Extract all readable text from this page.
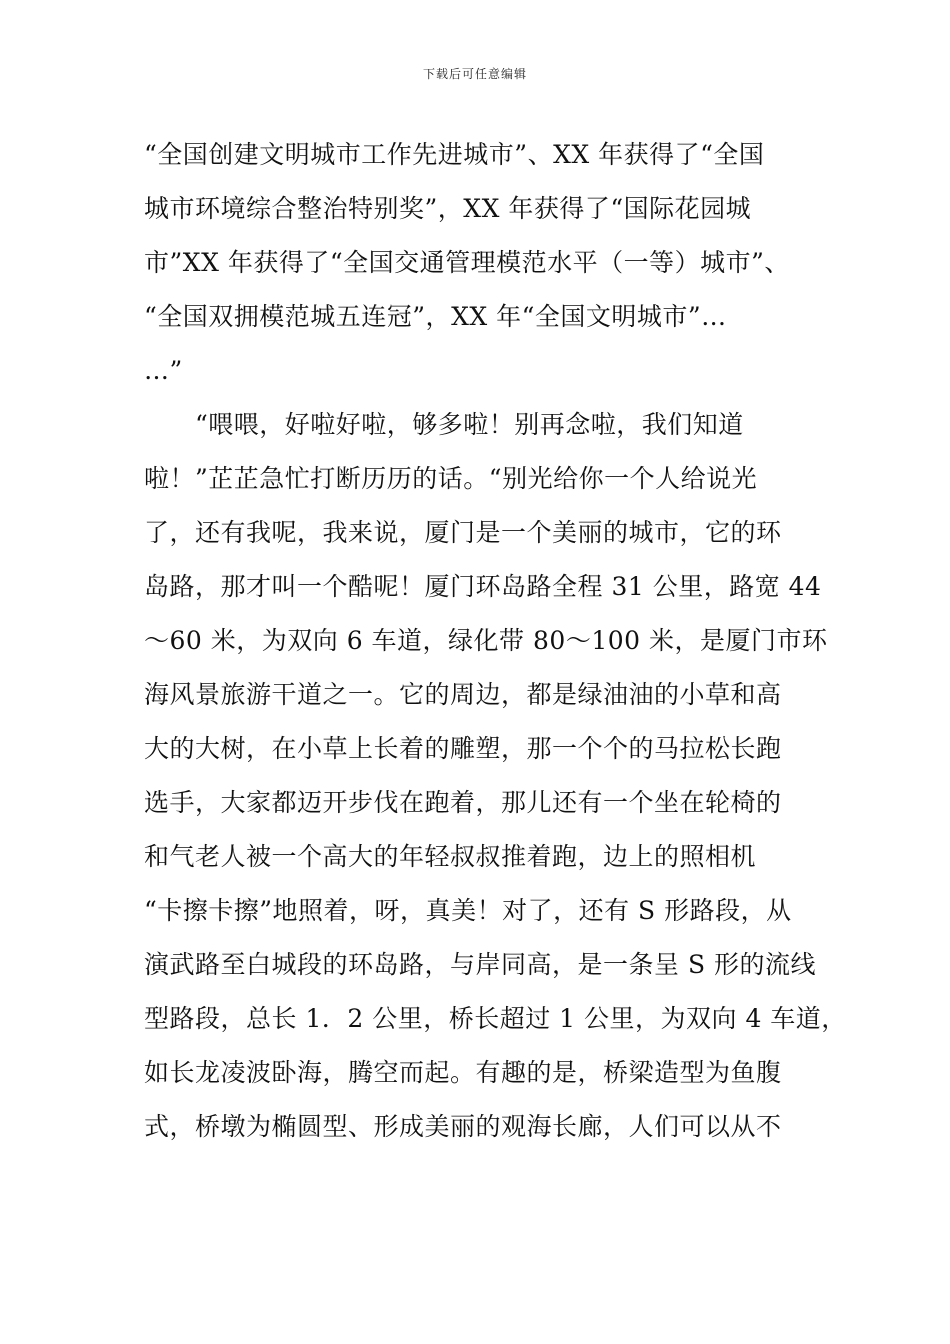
下载后可任意编辑
“全国创建文明城市工作先进城市”、XX 年获得了“全国
城市环境综合整治特别奖”，XX 年获得了“国际花园城
市”XX 年获得了“全国交通管理模范水平（一等）城市”、
“全国双拥模范城五连冠”，XX 年“全国文明城市”…
…”
　　“喂喂，好啦好啦，够多啦！别再念啦，我们知道
啦！”芷芷急忙打断历历的话。“别光给你一个人给说光
了，还有我呢，我来说，厦门是一个美丽的城市，它的环
岛路，那才叫一个酷呢！厦门环岛路全程 31 公里，路宽 44
～60 米，为双向 6 车道，绿化带 80～100 米，是厦门市环
海风景旅游干道之一。它的周边，都是绿油油的小草和高
大的大树，在小草上长着的雕塑，那一个个的马拉松长跑
选手，大家都迈开步伐在跑着，那儿还有一个坐在轮椅的
和气老人被一个高大的年轻叔叔推着跑，边上的照相机
“卡擦卡擦”地照着，呀，真美！对了，还有 S 形路段，从
演武路至白城段的环岛路，与岸同高，是一条呈 S 形的流线
型路段，总长 1．2 公里，桥长超过 1 公里，为双向 4 车道，
如长龙凌波卧海，腾空而起。有趣的是，桥梁造型为鱼腹
式，桥墩为椭圆型、形成美丽的观海长廊，人们可以从不
